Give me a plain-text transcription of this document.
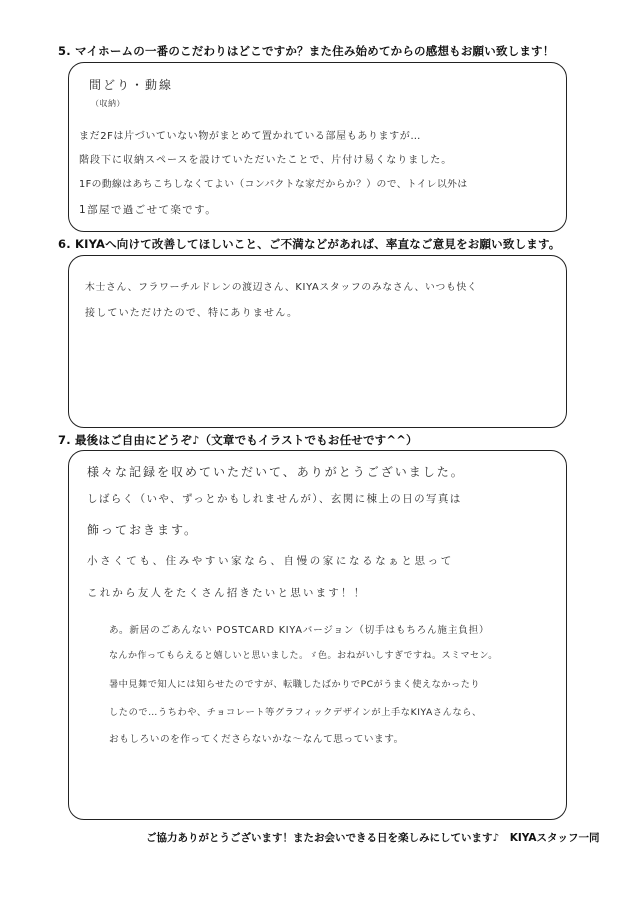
5. マイホームの一番のこだわりはどこですか？また住み始めてからの感想もお願い致します！
間どり・動線
（収納）
まだ2Fは片づいていない物がまとめて置かれている部屋もありますが…
階段下に収納スペースを設けていただいたことで、片付け易くなりました。
1Fの動線はあちこちしなくてよい（コンパクトな家だからか？）ので、トイレ以外は
1部屋で過ごせて楽です。
6. KIYAへ向けて改善してほしいこと、ご不満などがあれば、率直なご意見をお願い致します。
木士さん、フラワーチルドレンの渡辺さん、KIYAスタッフのみなさん、いつも快く
接していただけたので、特にありません。
7. 最後はご自由にどうぞ♪（文章でもイラストでもお任せです^^）
様々な記録を収めていただいて、ありがとうございました。
しばらく（いや、ずっとかもしれませんが）、玄関に棟上の日の写真は
飾っておきます。
小さくても、住みやすい家なら、自慢の家になるなぁと思って
これから友人をたくさん招きたいと思います！！
あ。新居のごあんない POSTCARD KIYAバージョン（切手はもちろん施主負担）
なんか作ってもらえると嬉しいと思いました。ゞ色。おねがいしすぎですね。スミマセン。
暑中見舞で知人には知らせたのですが、転職したばかりでPCがうまく使えなかったり
したので…うちわや、チョコレート等グラフィックデザインが上手なKIYAさんなら、
おもしろいのを作ってくださらないかな〜なんて思っています。
ご協力ありがとうございます！またお会いできる日を楽しみにしています♪　KIYAスタッフ一同
